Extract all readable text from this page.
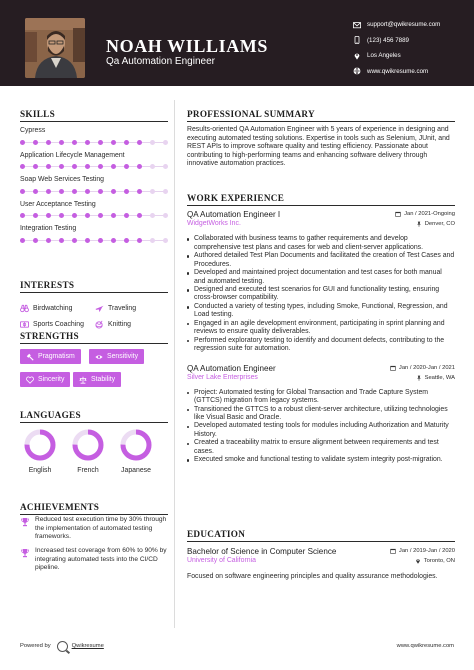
NOAH WILLIAMS
Qa Automation Engineer
support@qwikresume.com
(123) 456 7889
Los Angeles
www.qwikresume.com
SKILLS
Cypress
Application Lifecycle Management
Soap Web Services Testing
User Acceptance Testing
Integration Testing
INTERESTS
Birdwatching	Traveling
Sports Coaching	Knitting
STRENGTHS
Pragmatism	Sensitivity
Sincerity	Stability
LANGUAGES
English	French	Japanese
ACHIEVEMENTS
Reduced test execution time by 30% through the implementation of automated testing frameworks.
Increased test coverage from 60% to 90% by integrating automated tests into the CI/CD pipeline.
PROFESSIONAL SUMMARY
Results-oriented QA Automation Engineer with 5 years of experience in designing and executing automated testing solutions. Expertise in tools such as Selenium, JUnit, and REST APIs to improve software quality and testing efficiency. Passionate about contributing to high-performing teams and enhancing software delivery through innovative automation practices.
WORK EXPERIENCE
QA Automation Engineer I	Jan / 2021-Ongoing
WidgetWorks Inc.	Denver, CO
Collaborated with business teams to gather requirements and develop comprehensive test plans and cases for web and client-server applications.
Authored detailed Test Plan Documents and facilitated the creation of Test Cases and Procedures.
Developed and maintained project documentation and test cases for both manual and automated testing.
Designed and executed test scenarios for GUI and functionality testing, ensuring cross-browser compatibility.
Conducted a variety of testing types, including Smoke, Functional, Regression, and Load testing.
Engaged in an agile development environment, participating in sprint planning and reviews to ensure quality deliverables.
Performed exploratory testing to identify and document defects, contributing to the regression suite for automation.
QA Automation Engineer	Jan / 2020-Jan / 2021
Silver Lake Enterprises	Seattle, WA
Project: Automated testing for Global Transaction and Trade Capture System (GTTCS) migration from legacy systems.
Transitioned the GTTCS to a robust client-server architecture, utilizing technologies like Visual Basic and Oracle.
Developed automated testing tools for modules including Authorization and Maturity History.
Created a traceability matrix to ensure alignment between requirements and test cases.
Executed smoke and functional testing to validate system integrity post-migration.
EDUCATION
Bachelor of Science in Computer Science	Jan / 2019-Jan / 2020
University of California	Toronto, ON
Focused on software engineering principles and quality assurance methodologies.
Powered by	Qwikresume	www.qwikresume.com
